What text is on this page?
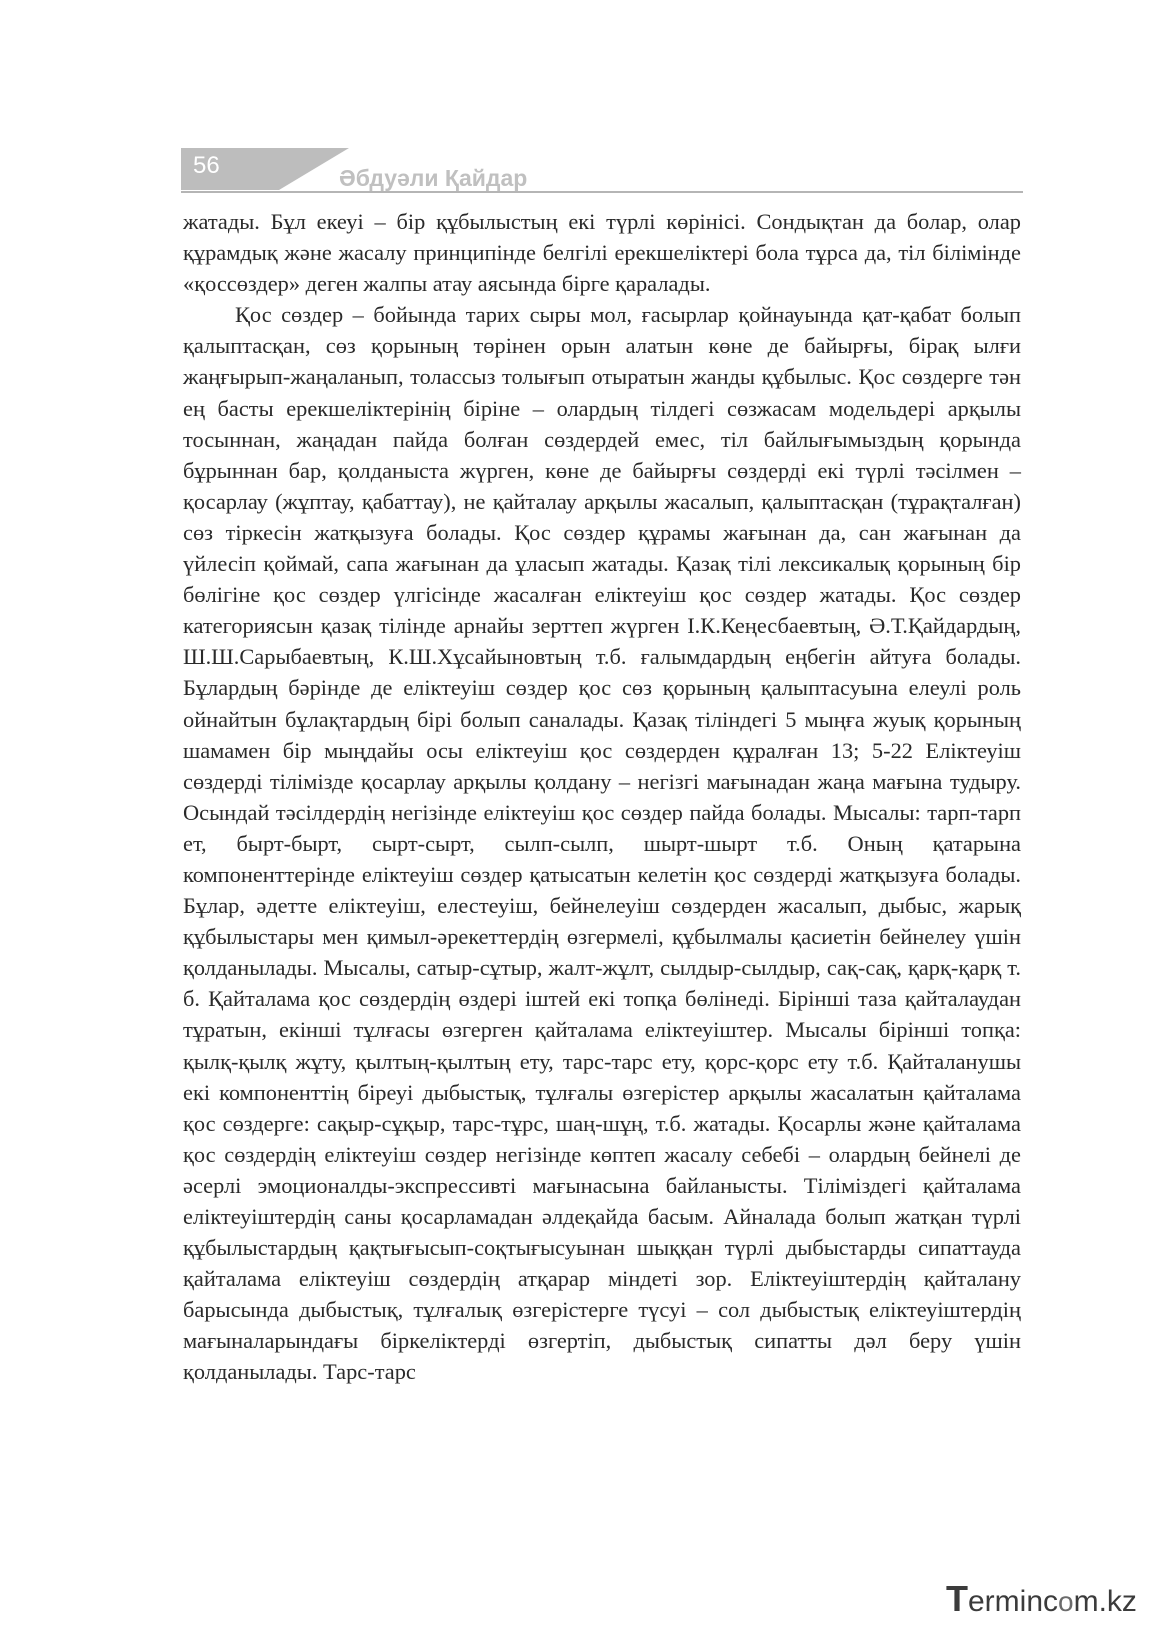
56	Әбдуәли Қайдар

жатады. Бұл екеуі – бір құбылыстың екі түрлі көрінісі. Сондықтан да болар, олар құрамдық және жасалу принципінде белгілі ерекшеліктері бола тұрса да, тіл білімінде «қоссөздер» деген жалпы атау аясында бірге қаралады.

Қос сөздер – бойында тарих сыры мол, ғасырлар қойнауында қат-қабат болып қалыптасқан, сөз қорының төрінен орын алатын көне де байырғы, бірақ ылғи жаңғырып-жаңаланып, толассыз толығып отыратын жанды құбылыс. Қос сөздерге тән ең басты ерекшеліктерінің біріне – олардың тілдегі сөзжасам модельдері арқылы тосыннан, жаңадан пайда болған сөздердей емес, тіл байлығымыздың қорында бұрыннан бар, қолданыста жүрген, көне де байырғы сөздерді екі түрлі тәсілмен – қосарлау (жұптау, қабаттау), не қайталау арқылы жасалып, қалыптасқан (тұрақталған) сөз тіркесін жатқызуға болады. Қос сөздер құрамы жағынан да, сан жағынан да үйлесіп қоймай, сапа жағынан да ұласып жатады. Қазақ тілі лексикалық қорының бір бөлігіне қос сөздер үлгісінде жасалған еліктеуіш қос сөздер жатады. Қос сөздер категориясын қазақ тілінде арнайы зерттеп жүрген І.К.Кеңесбаевтың, Ә.Т.Қайдардың, Ш.Ш.Сарыбаевтың, К.Ш.Хұсайыновтың т.б. ғалымдардың еңбегін айтуға болады. Бұлардың бәрінде де еліктеуіш сөздер қос сөз қорының қалыптасуына елеулі роль ойнайтын бұлақтардың бірі болып саналады. Қазақ тіліндегі 5 мыңға жуық қорының шамамен бір мыңдайы осы еліктеуіш қос сөздерден құралған 13; 5-22 Еліктеуіш сөздерді тілімізде қосарлау арқылы қолдану – негізгі мағынадан жаңа мағына тудыру. Осындай тәсілдердің негізінде еліктеуіш қос сөздер пайда болады. Мысалы: тарп-тарп ет, бырт-бырт, сырт-сырт, сылп-сылп, шырт-шырт т.б. Оның қатарына компоненттерінде еліктеуіш сөздер қатысатын келетін қос сөздерді жатқызуға болады. Бұлар, әдетте еліктеуіш, елестеуіш, бейнелеуіш сөздерден жасалып, дыбыс, жарық құбылыстары мен қимыл-әрекеттердің өзгермелі, құбылмалы қасиетін бейнелеу үшін қолданылады. Мысалы, сатыр-сұтыр, жалт-жұлт, сылдыр-сылдыр, сақ-сақ, қарқ-қарқ т. б. Қайталама қос сөздердің өздері іштей екі топқа бөлінеді. Бірінші таза қайталаудан тұратын, екінші тұлғасы өзгерген қайталама еліктеуіштер. Мысалы бірінші топқа: қылқ-қылқ жұту, қылтың-қылтың ету, тарс-тарс ету, қорс-қорс ету т.б. Қайталанушы екі компоненттің біреуі дыбыстық, тұлғалы өзгерістер арқылы жасалатын қайталама қос сөздерге: сақыр-сұқыр, тарс-тұрс, шаң-шұң, т.б. жатады. Қосарлы және қайталама қос сөздердің еліктеуіш сөздер негізінде көптеп жасалу себебі – олардың бейнелі де әсерлі эмоционалды-экспрессивті мағынасына байланысты. Тіліміздегі қайталама еліктеуіштердің саны қосарламадан әлдеқайда басым. Айналада болып жатқан түрлі құбылыстардың қақтығысып-соқтығысуынан шыққан түрлі дыбыстарды сипаттауда қайталама еліктеуіш сөздердің атқарар міндеті зор. Еліктеуіштердің қайталану барысында дыбыстық, тұлғалық өзгерістерге түсуі – сол дыбыстық еліктеуіштердің мағыналарындағы біркеліктерді өзгертіп, дыбыстық сипатты дәл беру үшін қолданылады. Тарс-тарс

Termincom.kz
